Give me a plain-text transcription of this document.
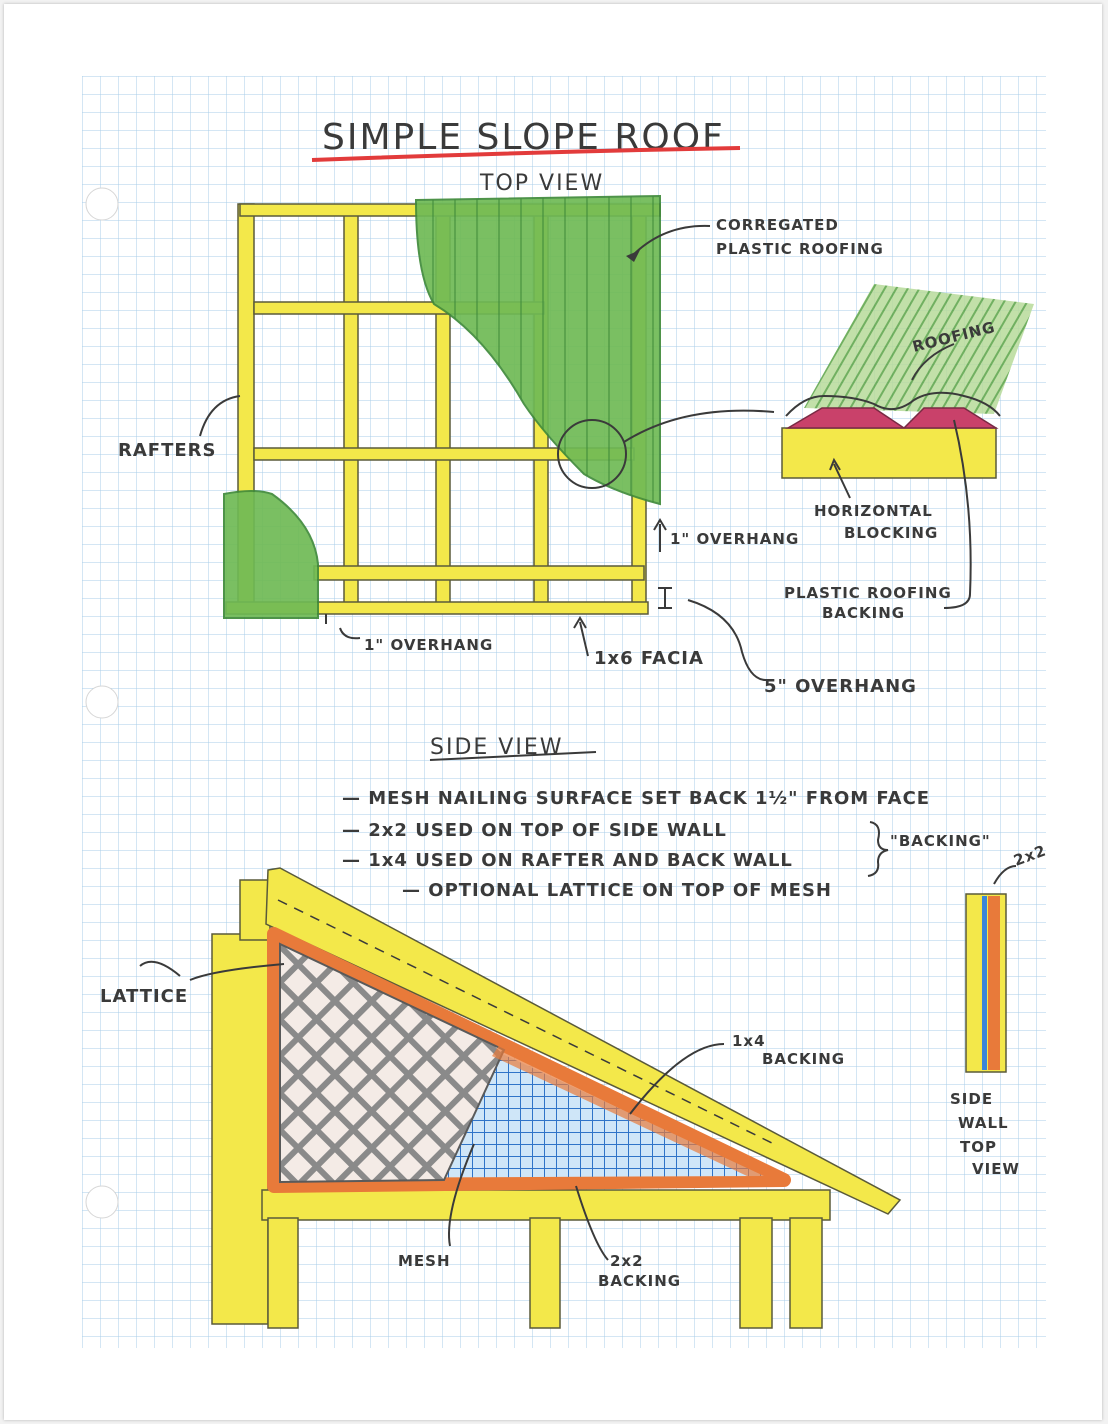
SIMPLE SLOPE ROOF
TOP VIEW
CORREGATED
PLASTIC ROOFING
RAFTERS
1" OVERHANG
1" OVERHANG
1x6 FACIA
5" OVERHANG
ROOFING
HORIZONTAL
BLOCKING
PLASTIC ROOFING
BACKING
SIDE VIEW
— MESH NAILING SURFACE SET BACK 1½" FROM FACE
— 2x2 USED ON TOP OF SIDE WALL
— 1x4 USED ON RAFTER AND BACK WALL
— OPTIONAL LATTICE ON TOP OF MESH
"BACKING"
LATTICE
1x4
BACKING
MESH	2x2
BACKING
2x2
SIDE
WALL
TOP
VIEW
